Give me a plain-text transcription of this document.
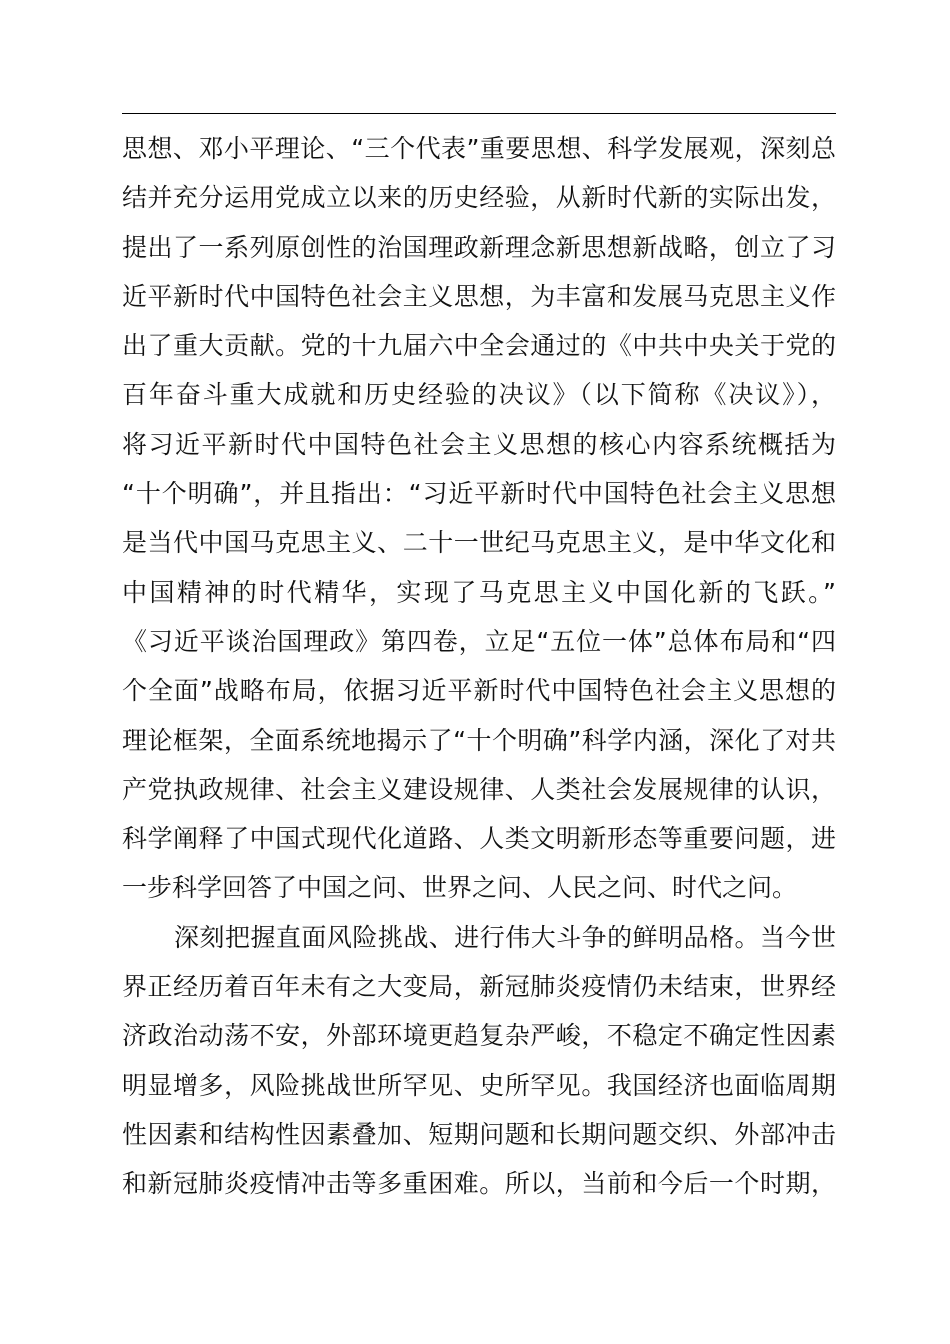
思想、邓小平理论、“三个代表”重要思想、科学发展观，深刻总
结并充分运用党成立以来的历史经验，从新时代新的实际出发，
提出了一系列原创性的治国理政新理念新思想新战略，创立了习
近平新时代中国特色社会主义思想，为丰富和发展马克思主义作
出了重大贡献。党的十九届六中全会通过的《中共中央关于党的
百年奋斗重大成就和历史经验的决议》（以下简称《决议》），
将习近平新时代中国特色社会主义思想的核心内容系统概括为
“十个明确”，并且指出：“习近平新时代中国特色社会主义思想
是当代中国马克思主义、二十一世纪马克思主义，是中华文化和
中国精神的时代精华，实现了马克思主义中国化新的飞跃。”
《习近平谈治国理政》第四卷，立足“五位一体”总体布局和“四
个全面”战略布局，依据习近平新时代中国特色社会主义思想的
理论框架，全面系统地揭示了“十个明确”科学内涵，深化了对共
产党执政规律、社会主义建设规律、人类社会发展规律的认识，
科学阐释了中国式现代化道路、人类文明新形态等重要问题，进
一步科学回答了中国之问、世界之问、人民之问、时代之问。
深刻把握直面风险挑战、进行伟大斗争的鲜明品格。当今世
界正经历着百年未有之大变局，新冠肺炎疫情仍未结束，世界经
济政治动荡不安，外部环境更趋复杂严峻，不稳定不确定性因素
明显增多，风险挑战世所罕见、史所罕见。我国经济也面临周期
性因素和结构性因素叠加、短期问题和长期问题交织、外部冲击
和新冠肺炎疫情冲击等多重困难。所以，当前和今后一个时期，
